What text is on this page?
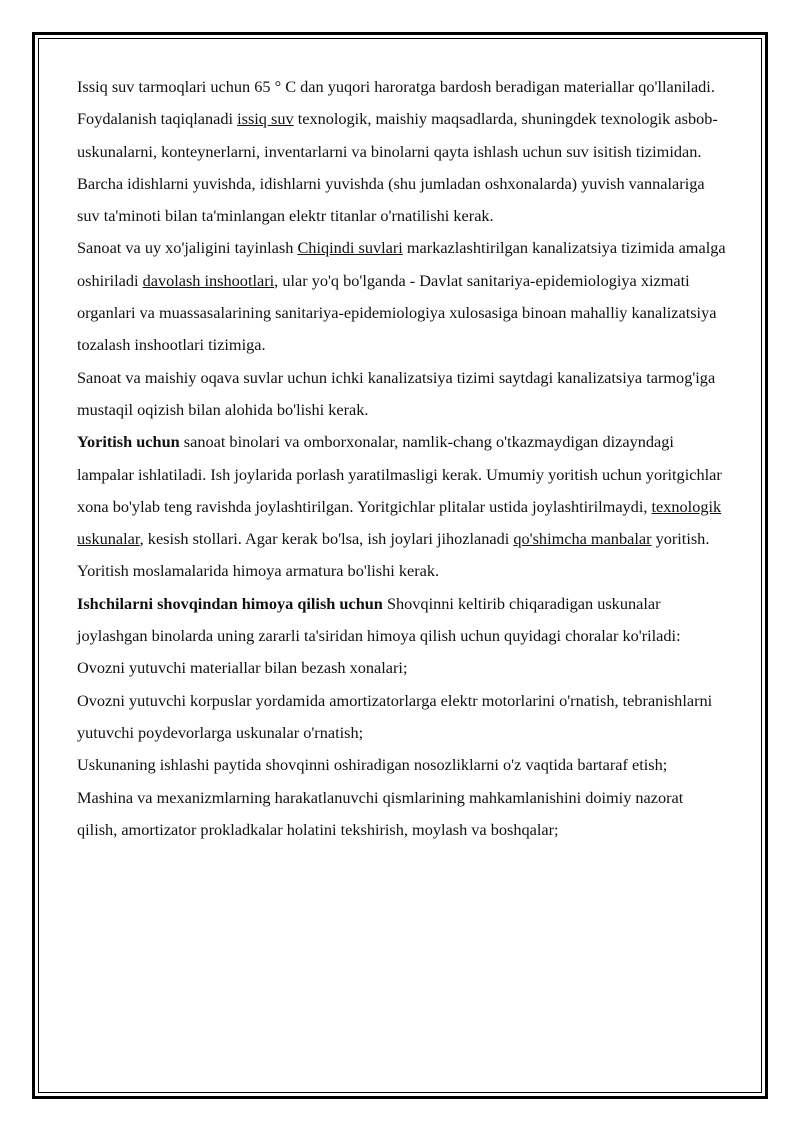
Issiq suv tarmoqlari uchun 65 ° C dan yuqori haroratga bardosh beradigan materiallar qo'llaniladi.

Foydalanish taqiqlanadi issiq suv texnologik, maishiy maqsadlarda, shuningdek texnologik asbob-uskunalarni, konteynerlarni, inventarlarni va binolarni qayta ishlash uchun suv isitish tizimidan.

Barcha idishlarni yuvishda, idishlarni yuvishda (shu jumladan oshxonalarda) yuvish vannalariga suv ta'minoti bilan ta'minlangan elektr titanlar o'rnatilishi kerak.

Sanoat va uy xo'jaligini tayinlash Chiqindi suvlari markazlashtirilgan kanalizatsiya tizimida amalga oshiriladi davolash inshootlari, ular yo'q bo'lganda - Davlat sanitariya-epidemiologiya xizmati organlari va muassasalarining sanitariya-epidemiologiya xulosasiga binoan mahalliy kanalizatsiya tozalash inshootlari tizimiga.

Sanoat va maishiy oqava suvlar uchun ichki kanalizatsiya tizimi saytdagi kanalizatsiya tarmog'iga mustaqil oqizish bilan alohida bo'lishi kerak.

Yoritish uchun sanoat binolari va omborxonalar, namlik-chang o'tkazmaydigan dizayndagi lampalar ishlatiladi. Ish joylarida porlash yaratilmasligi kerak. Umumiy yoritish uchun yoritgichlar xona bo'ylab teng ravishda joylashtirilgan. Yoritgichlar plitalar ustida joylashtirilmaydi, texnologik uskunalar, kesish stollari. Agar kerak bo'lsa, ish joylari jihozlanadi qo'shimcha manbalar yoritish. Yoritish moslamalarida himoya armatura bo'lishi kerak.

Ishchilarni shovqindan himoya qilish uchun Shovqinni keltirib chiqaradigan uskunalar joylashgan binolarda uning zararli ta'siridan himoya qilish uchun quyidagi choralar ko'riladi:

Ovozni yutuvchi materiallar bilan bezash xonalari;

Ovozni yutuvchi korpuslar yordamida amortizatorlarga elektr motorlarini o'rnatish, tebranishlarni yutuvchi poydevorlarga uskunalar o'rnatish;

Uskunaning ishlashi paytida shovqinni oshiradigan nosozliklarni o'z vaqtida bartaraf etish;

Mashina va mexanizmlarning harakatlanuvchi qismlarining mahkamlanishini doimiy nazorat qilish, amortizator prokladkalar holatini tekshirish, moylash va boshqalar;
